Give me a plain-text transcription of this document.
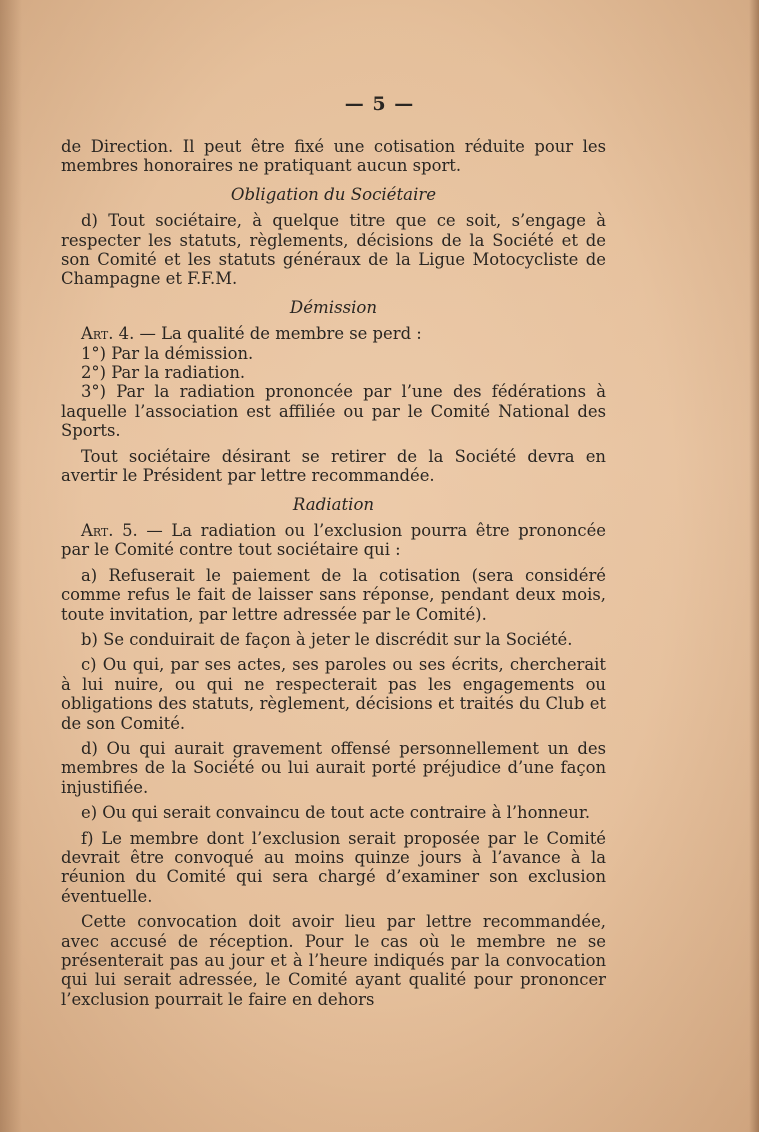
— 5 —

de Direction. Il peut être fixé une cotisation réduite pour les membres honoraires ne pratiquant aucun sport.

Obligation du Sociétaire

d) Tout sociétaire, à quelque titre que ce soit, s’engage à respecter les statuts, règlements, décisions de la Société et de son Comité et les statuts généraux de la Ligue Motocycliste de Champagne et F.F.M.

Démission

Art. 4. — La qualité de membre se perd :

1°) Par la démission.

2°) Par la radiation.

3°) Par la radiation prononcée par l’une des fédérations à laquelle l’association est affiliée ou par le Comité National des Sports.

Tout sociétaire désirant se retirer de la Société devra en avertir le Président par lettre recommandée.

Radiation

Art. 5. — La radiation ou l’exclusion pourra être prononcée par le Comité contre tout sociétaire qui :

a) Refuserait le paiement de la cotisation (sera considéré comme refus le fait de laisser sans réponse, pendant deux mois, toute invitation, par lettre adressée par le Comité).

b) Se conduirait de façon à jeter le discrédit sur la Société.

c) Ou qui, par ses actes, ses paroles ou ses écrits, chercherait à lui nuire, ou qui ne respecterait pas les engagements ou obligations des statuts, règlement, décisions et traités du Club et de son Comité.

d) Ou qui aurait gravement offensé personnellement un des membres de la Société ou lui aurait porté préjudice d’une façon injustifiée.

e) Ou qui serait convaincu de tout acte contraire à l’honneur.

f) Le membre dont l’exclusion serait proposée par le Comité devrait être convoqué au moins quinze jours à l’avance à la réunion du Comité qui sera chargé d’examiner son exclusion éventuelle.

Cette convocation doit avoir lieu par lettre recommandée, avec accusé de réception. Pour le cas où le membre ne se présenterait pas au jour et à l’heure indiqués par la convocation qui lui serait adressée, le Comité ayant qualité pour prononcer l’exclusion pourrait le faire en dehors
